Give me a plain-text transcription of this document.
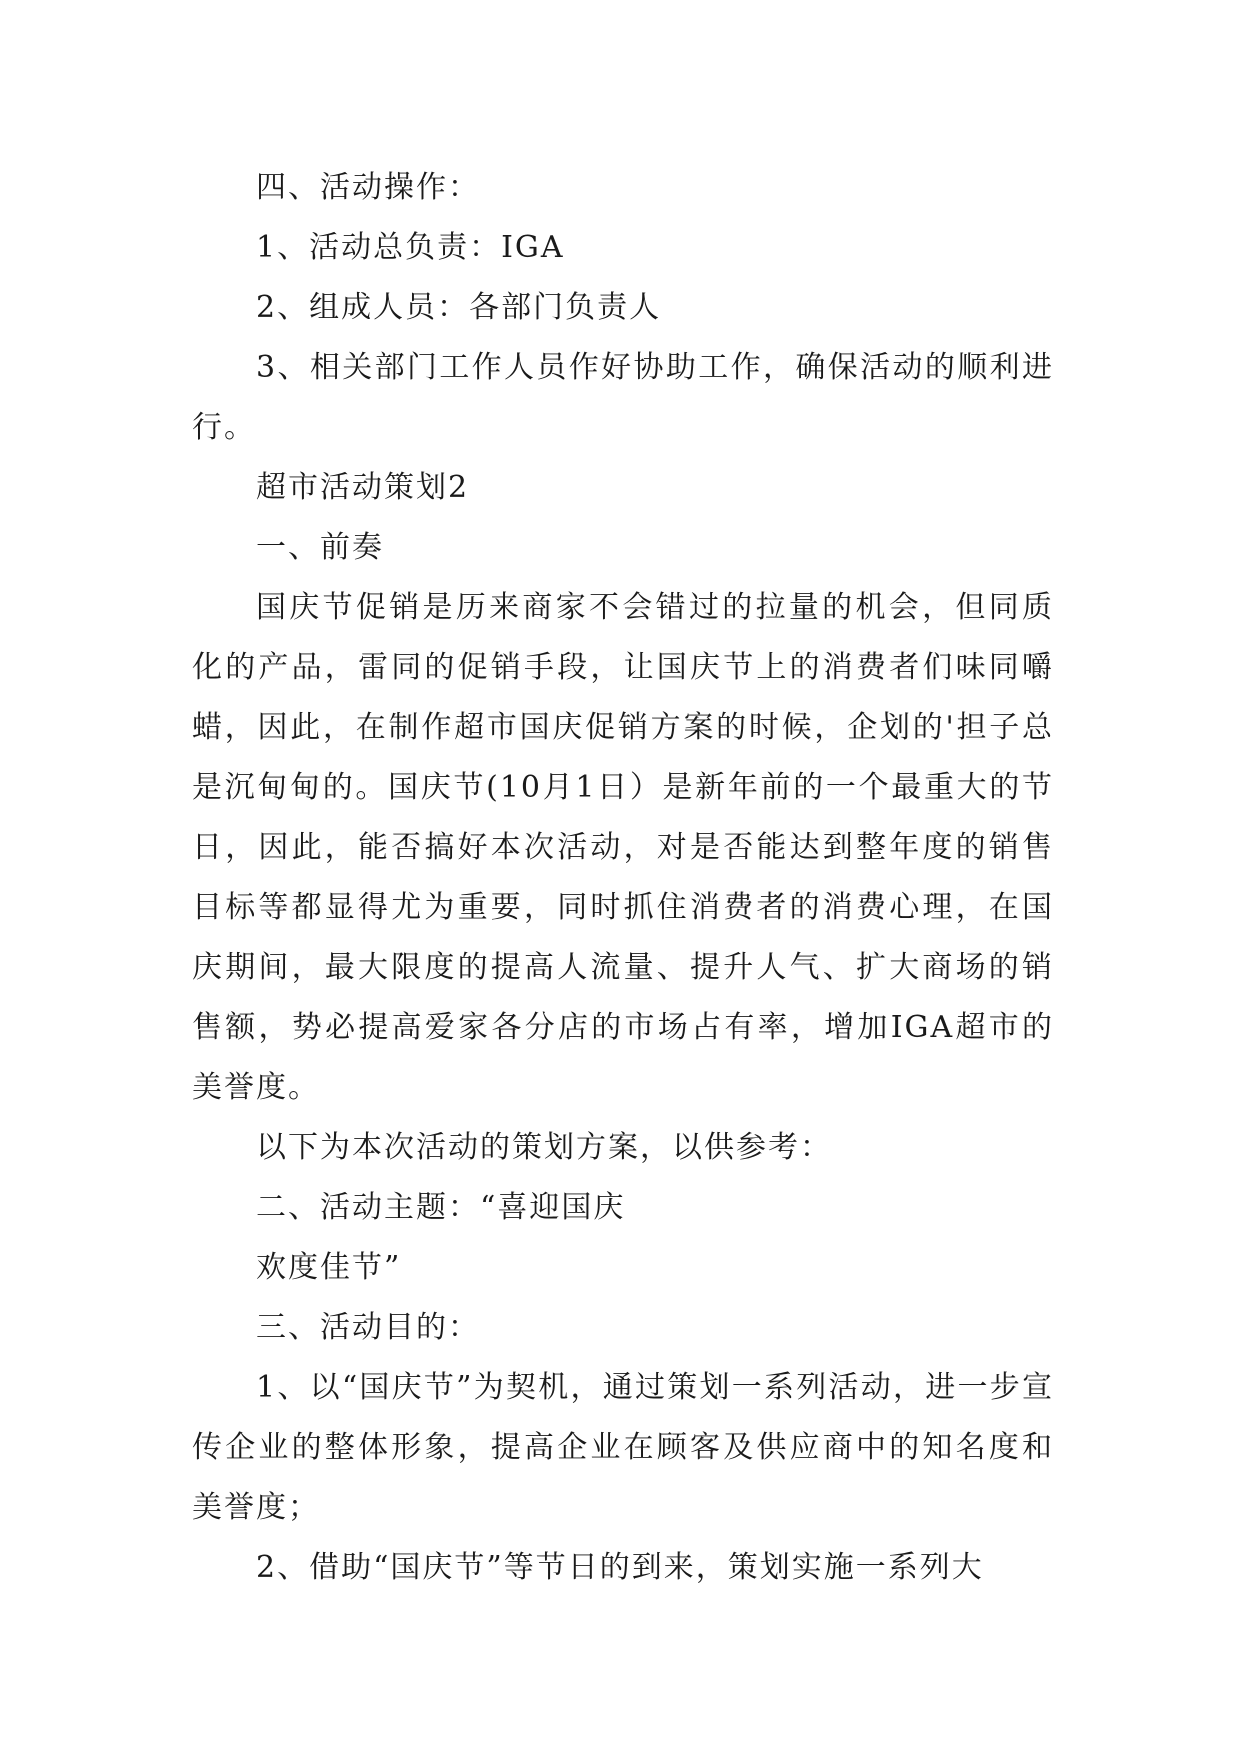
四、活动操作：

1、活动总负责：IGA

2、组成人员：各部门负责人

3、相关部门工作人员作好协助工作，确保活动的顺利进行。

超市活动策划2

一、前奏

国庆节促销是历来商家不会错过的拉量的机会，但同质化的产品，雷同的促销手段，让国庆节上的消费者们味同嚼蜡，因此，在制作超市国庆促销方案的时候，企划的'担子总是沉甸甸的。国庆节(10月1日）是新年前的一个最重大的节日，因此，能否搞好本次活动，对是否能达到整年度的销售目标等都显得尤为重要，同时抓住消费者的消费心理，在国庆期间，最大限度的提高人流量、提升人气、扩大商场的销售额，势必提高爱家各分店的市场占有率，增加IGA超市的美誉度。

以下为本次活动的策划方案，以供参考：

二、活动主题：“喜迎国庆

欢度佳节”

三、活动目的：

1、以“国庆节”为契机，通过策划一系列活动，进一步宣传企业的整体形象，提高企业在顾客及供应商中的知名度和美誉度；

2、借助“国庆节”等节日的到来，策划实施一系列大
